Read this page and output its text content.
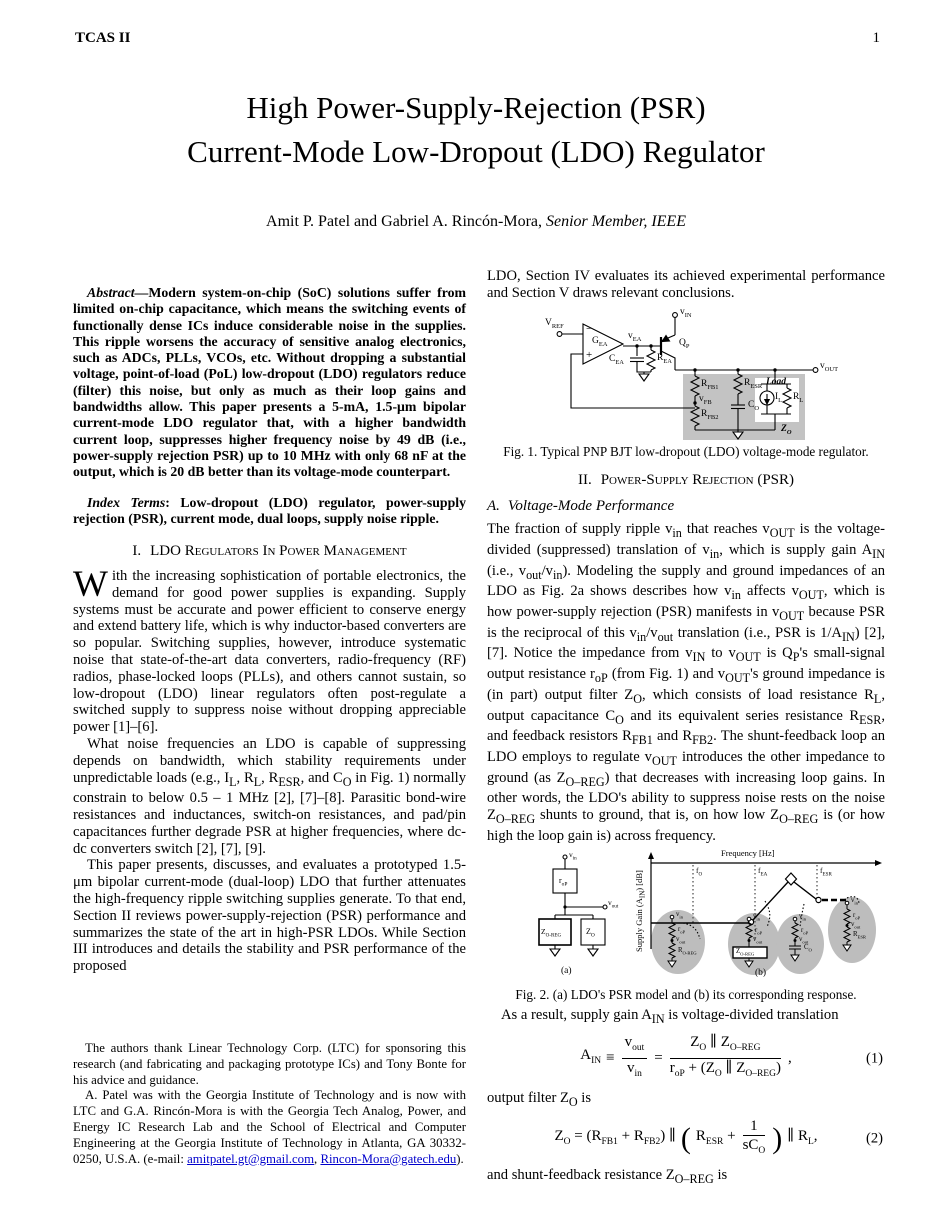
TCAS II	1
High Power-Supply-Rejection (PSR)
Current-Mode Low-Dropout (LDO) Regulator
Amit P. Patel and Gabriel A. Rincón-Mora, Senior Member, IEEE

Abstract—Modern system-on-chip (SoC) solutions suffer from limited on-chip capacitance, which means the switching events of functionally dense ICs induce considerable noise in the supplies. This ripple worsens the accuracy of sensitive analog electronics, such as ADCs, PLLs, VCOs, etc. Without dropping a substantial voltage, point-of-load (PoL) low-dropout (LDO) regulators reduce (filter) this noise, but only as much as their loop gains and bandwidths allow. This paper presents a 5-mA, 1.5-μm bipolar current-mode LDO regulator that, with a higher bandwidth current loop, suppresses higher frequency noise by 49 dB (i.e., power-supply rejection PSR) up to 10 MHz with only 68 nF at the output, which is 20 dB better than its voltage-mode counterpart.

Index Terms: Low-dropout (LDO) regulator, power-supply rejection (PSR), current mode, dual loops, supply noise ripple.

I. LDO Regulators In Power Management

With the increasing sophistication of portable electronics, the demand for good power supplies is expanding. Supply systems must be accurate and power efficient to conserve energy and extend battery life, which is why inductor-based converters are so popular. Switching supplies, however, introduce systematic noise that state-of-the-art data converters, radio-frequency (RF) radios, phase-locked loops (PLLs), and others cannot sustain, so low-dropout (LDO) linear regulators often post-regulate a switched supply to suppress noise without dropping appreciable power [1]–[6].

What noise frequencies an LDO is capable of suppressing depends on bandwidth, which stability requirements under unpredictable loads (e.g., $I_L$, $R_L$, $R_{ESR}$, and $C_O$ in Fig. 1) normally constrain to below 0.5 – 1 MHz [2], [7]–[8]. Parasitic bond-wire resistances and inductances, switch-on resistances, and pad/pin capacitances further degrade PSR at higher frequencies, where dc-dc converters switch [2], [7], [9].

This paper presents, discusses, and evaluates a prototyped 1.5-μm bipolar current-mode (dual-loop) LDO that further attenuates the high-frequency ripple switching supplies generate. To that end, Section II reviews power-supply-rejection (PSR) performance and summarizes the state of the art in high-PSR LDOs. While Section III introduces and details the stability and PSR performance of the proposed

The authors thank Linear Technology Corp. (LTC) for sponsoring this research (and fabricating and packaging prototype ICs) and Tony Bonte for his advice and guidance.

A. Patel was with the Georgia Institute of Technology and is now with LTC and G.A. Rincón-Mora is with the Georgia Tech Analog, Power, and Energy IC Research Lab and the School of Electrical and Computer Engineering at the Georgia Institute of Technology in Atlanta, GA 30332-0250, U.S.A. (e-mail: amitpatel.gt@gmail.com, Rincon-Mora@gatech.edu).

LDO, Section IV evaluates its achieved experimental performance and Section V draws relevant conclusions.

$V_{REF}$
$v_{IN}$
−
+
$G_{EA}$
$v_{EA}$
$C_{EA}$	$R_{EA}$
$Q_P$
$v_{OUT}$
$R_{FB1}$
$v_{FB}$
$R_{FB2}$
$R_{ESR}$
$C_O$
Load
$I_L$ $R_L$
$Z_O$

Fig. 1. Typical PNP BJT low-dropout (LDO) voltage-mode regulator.

II. Power-Supply Rejection (PSR)
A. Voltage-Mode Performance

The fraction of supply ripple $v_{in}$ that reaches $v_{OUT}$ is the voltage-divided (suppressed) translation of $v_{in}$, which is supply gain $A_{IN}$ (i.e., $v_{out}/v_{in}$). Modeling the supply and ground impedances of an LDO as Fig. 2a shows describes how $v_{in}$ affects $v_{OUT}$, which is how power-supply rejection (PSR) manifests in $v_{OUT}$ because PSR is the reciprocal of this $v_{in}/v_{out}$ translation (i.e., PSR is $1/A_{IN}$) [2], [7]. Notice the impedance from $v_{IN}$ to $v_{OUT}$ is $Q_P's$ small-signal output resistance $r_{oP}$ (from Fig. 1) and $v_{OUT}'s$ ground impedance is (in part) output filter $Z_O$, which consists of load resistance $R_L$, output capacitance $C_O$ and its equivalent series resistance $R_{ESR}$, and feedback resistors $R_{FB1}$ and $R_{FB2}$. The shunt-feedback loop an LDO employs to regulate $v_{OUT}$ introduces the other impedance to ground (as $Z_{O-REG}$) that decreases with increasing loop gains. In other words, the LDO's ability to suppress noise rests on the noise $Z_{O-REG}$ shunts to ground, that is, on how low $Z_{O-REG}$ is (or how high the loop gain is) across frequency.

$v_{in}$
$r_{oP}$
$v_{out}$
$Z_{O-REG}$	$Z_O$
(a)
Frequency [Hz]
Supply Gain $(A_{IN})$ [dB]	$f_O$	$f_{EA}$	$f_{ESR}$
$v_{in}$
$r_{oP}$
$v_{out}$
$R_{O-REG}$
$v_{in}$
$r_{oP}$
$v_{out}$
$Z_{O-REG}$
$v_{in}$
$r_{oP}$
$v_{out}$
$C_O$
$v_{in}$
$r_{oP}$
$v_{out}$
$R_{ESR}$
(b)

Fig. 2. (a) LDO's PSR model and (b) its corresponding response.

As a result, supply gain $A_{IN}$ is voltage-divided translation

$A_{IN} \equiv \frac{v_{out}}{v_{in}} = \frac{Z_O \parallel Z_{O-REG}}{r_{oP} + (Z_O \parallel Z_{O-REG})}$ ,	(1)

output filter $Z_O$ is

$Z_O = (R_{FB1} + R_{FB2})$ ∥ ( $R_{ESR} + \frac{1}{sC_O}$ ) ∥ $R_L$,	(2)

and shunt-feedback resistance $Z_{O-REG}$ is
